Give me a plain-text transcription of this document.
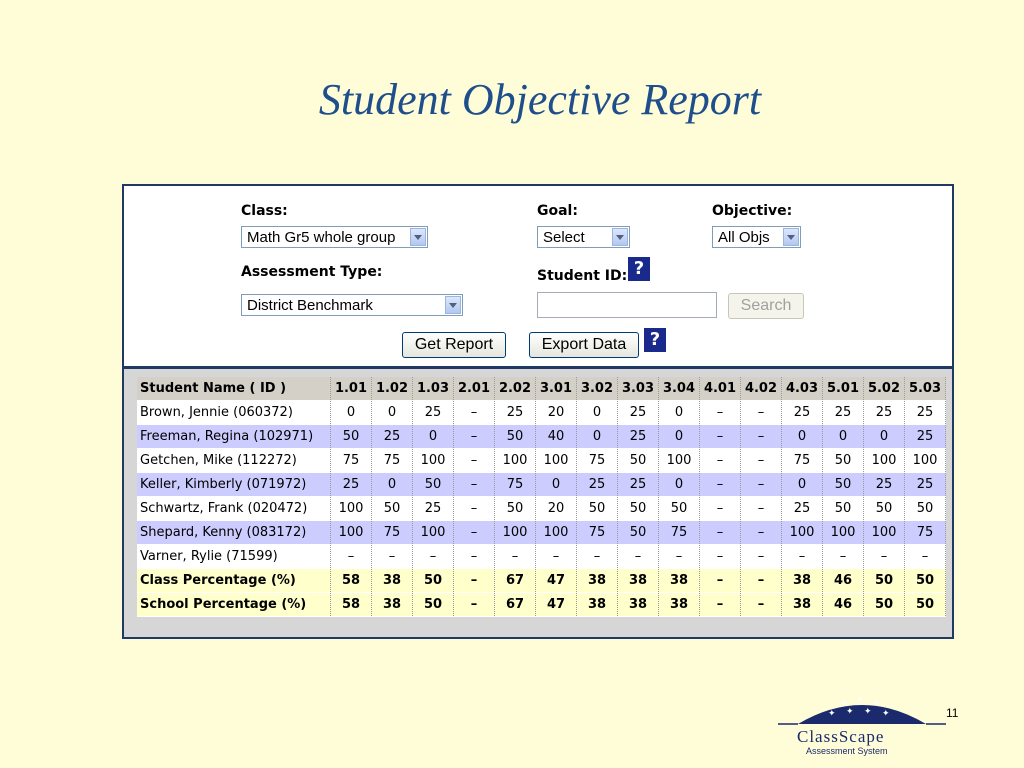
Student Objective Report
Class:
Math Gr5 whole group
Goal:
Select
Objective:
All Objs
Assessment Type:
District Benchmark
Student ID: ?
Search
Get Report	Export Data	?
Student Name ( ID )	1.01	1.02	1.03	2.01	2.02	3.01	3.02	3.03	3.04	4.01	4.02	4.03	5.01	5.02	5.03
Brown, Jennie (060372)	0	0	25	–	25	20	0	25	0	–	–	25	25	25	25
Freeman, Regina (102971)	50	25	0	–	50	40	0	25	0	–	–	0	0	0	25
Getchen, Mike (112272)	75	75	100	–	100	100	75	50	100	–	–	75	50	100	100
Keller, Kimberly (071972)	25	0	50	–	75	0	25	25	0	–	–	0	50	25	25
Schwartz, Frank (020472)	100	50	25	–	50	20	50	50	50	–	–	25	50	50	50
Shepard, Kenny (083172)	100	75	100	–	100	100	75	50	75	–	–	100	100	100	75
Varner, Rylie (71599)	–	–	–	–	–	–	–	–	–	–	–	–	–	–	–
Class Percentage (%)	58	38	50	–	67	47	38	38	38	–	–	38	46	50	50
School Percentage (%)	58	38	50	–	67	47	38	38	38	–	–	38	46	50	50
✦ ✦ ✦
✦ ✦ ✦ ✦
ClassScape
Assessment System
11
